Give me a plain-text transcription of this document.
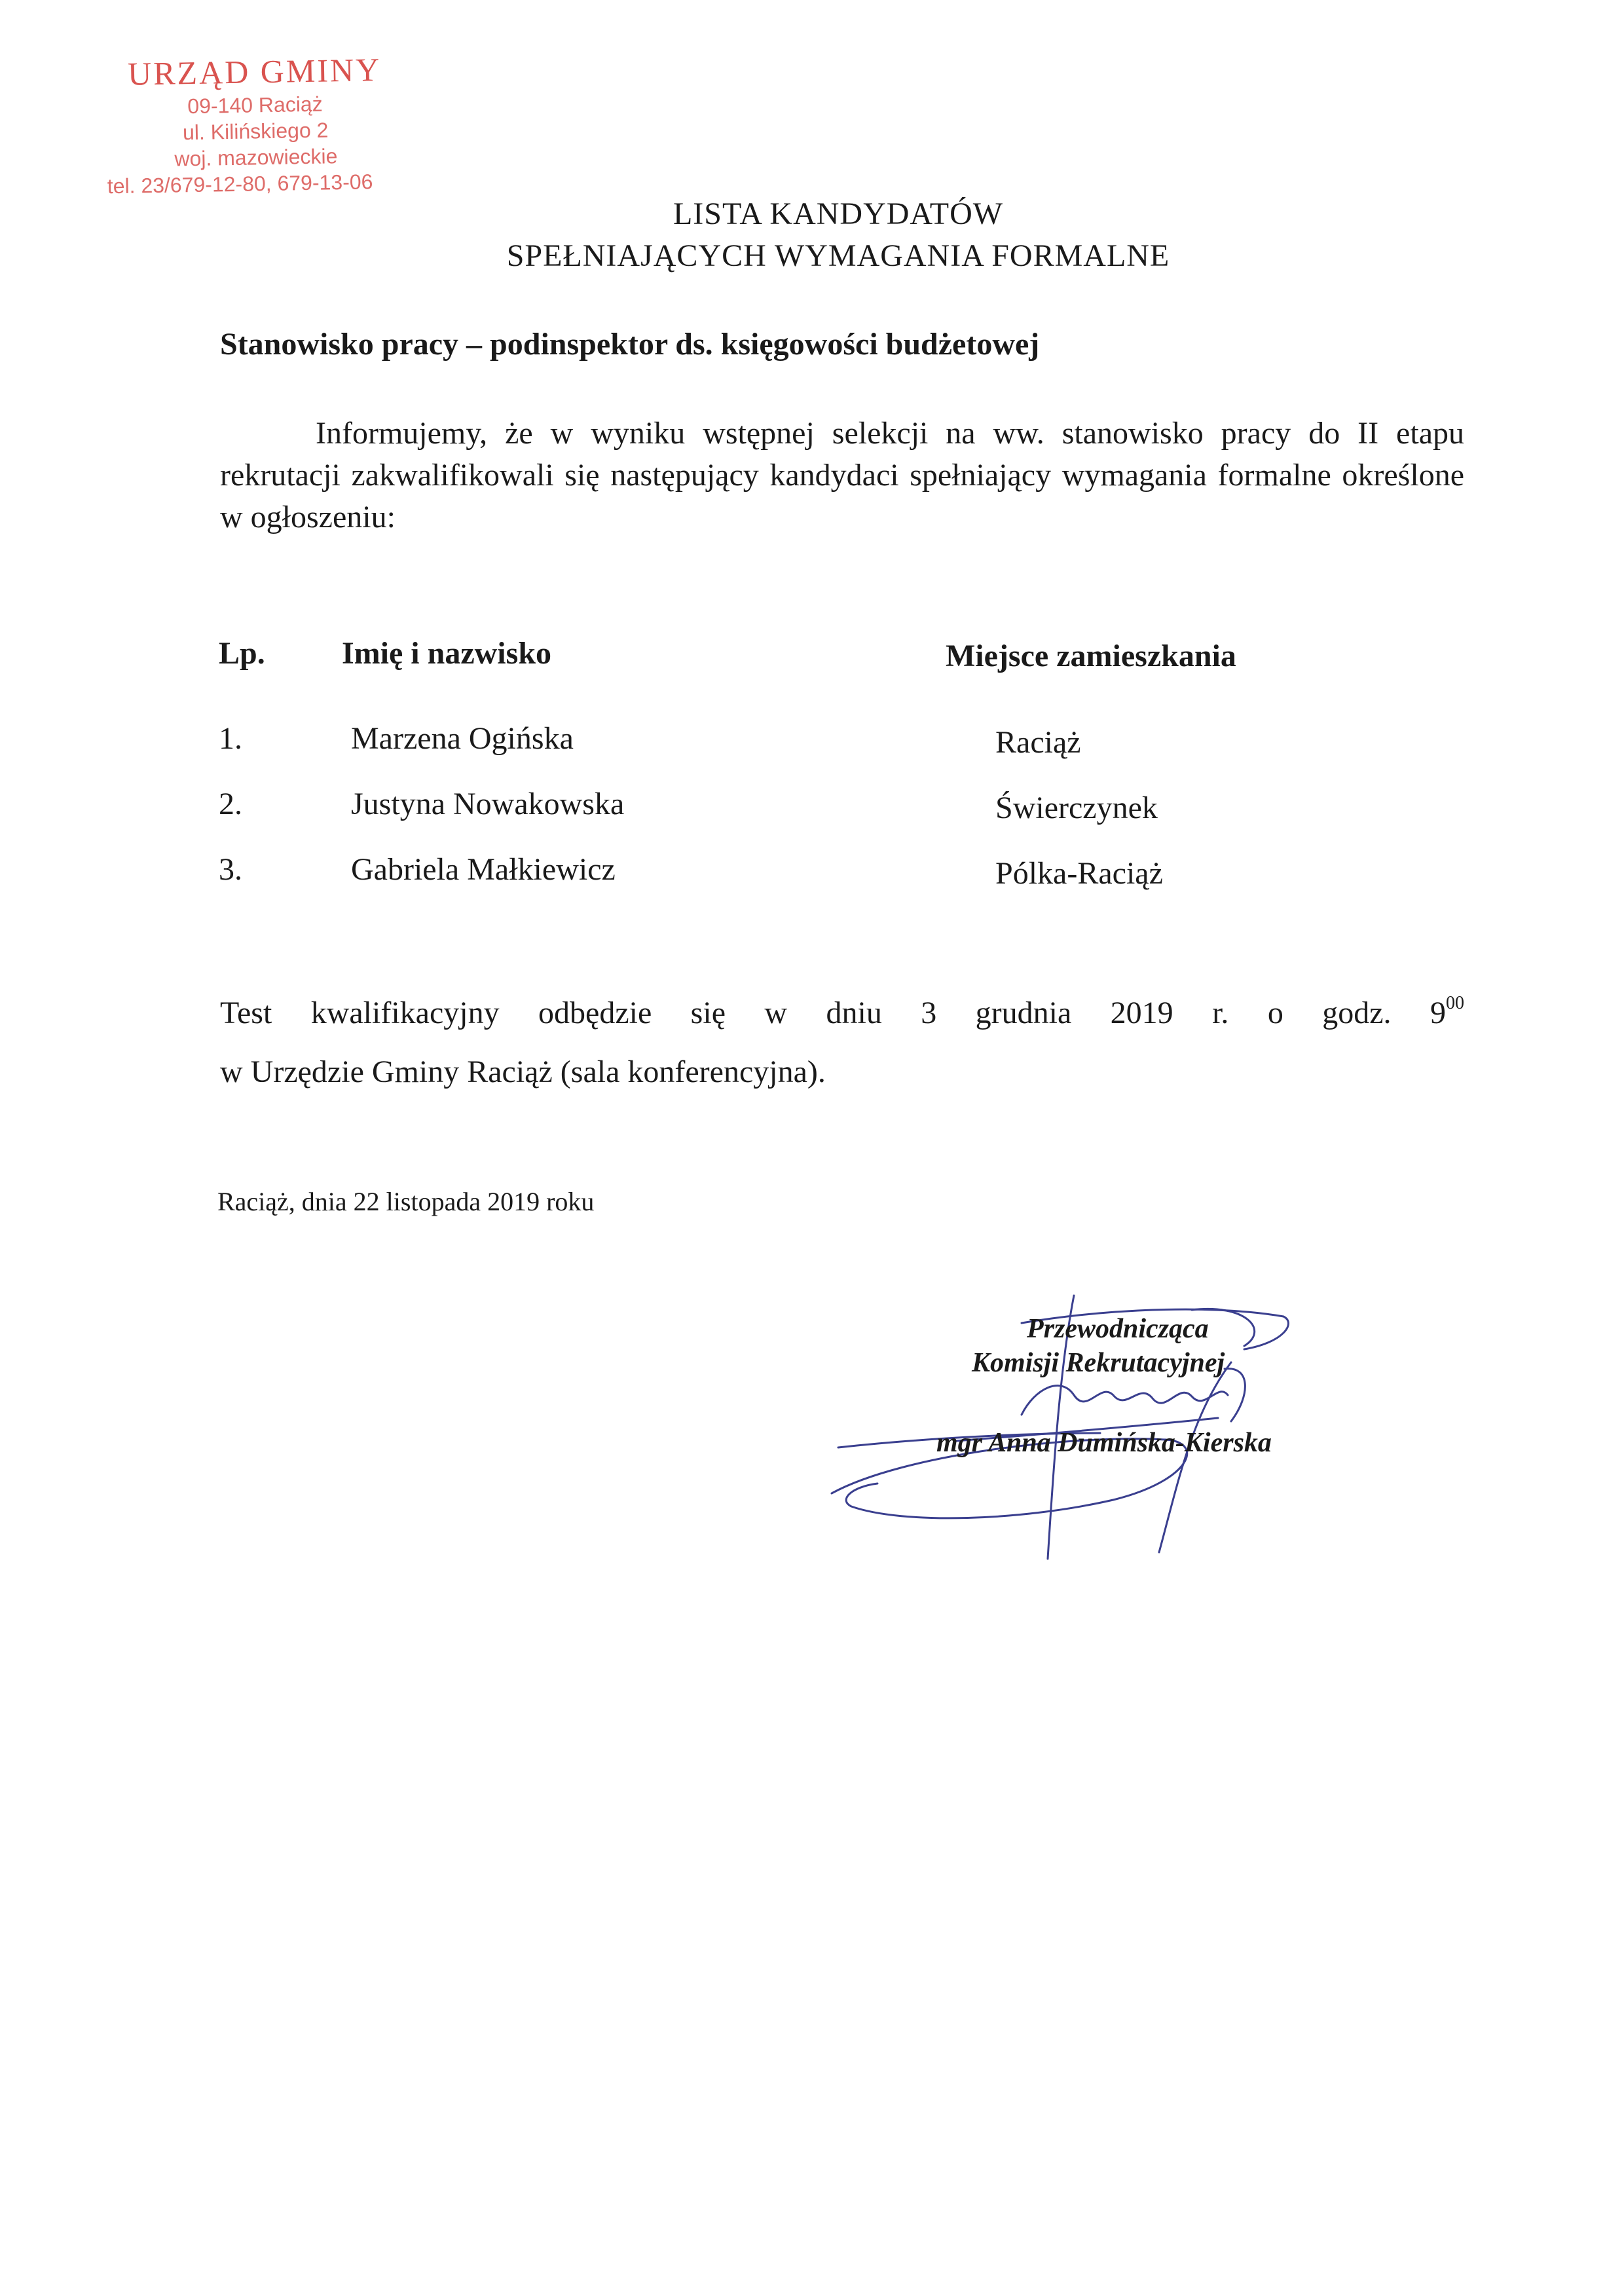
URZĄD GMINY
09-140 Raciąż
ul. Kilińskiego 2
woj. mazowieckie
tel. 23/679-12-80, 679-13-06
LISTA KANDYDATÓW
SPEŁNIAJĄCYCH WYMAGANIA FORMALNE
Stanowisko pracy – podinspektor ds. księgowości budżetowej
Informujemy, że w wyniku wstępnej selekcji na ww. stanowisko pracy do II etapu rekrutacji zakwalifikowali się następujący kandydaci spełniający wymagania formalne określone w ogłoszeniu:
Lp. Imię i nazwisko	Miejsce zamieszkania
1.	Marzena Ogińska	Raciąż
2.	Justyna Nowakowska	Świerczynek
3.	Gabriela Małkiewicz	Pólka-Raciąż
Test kwalifikacyjny odbędzie się w dniu 3 grudnia 2019 r. o godz. $9^{00}$
w Urzędzie Gminy Raciąż (sala konferencyjna).
Raciąż, dnia 22 listopada 2019 roku
Przewodnicząca
Komisji Rekrutacyjnej
mgr Anna Dumińska-Kierska
